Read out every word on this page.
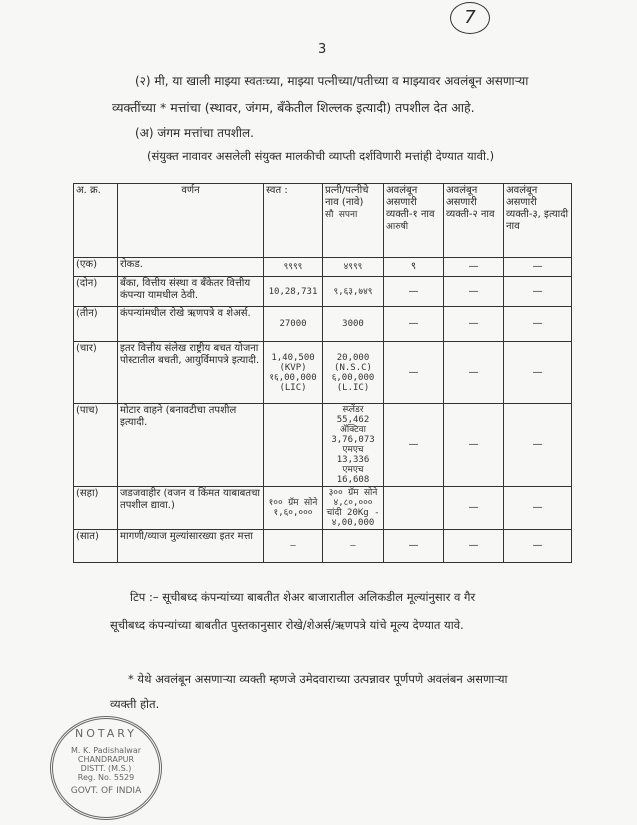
7
3
(२) मी, या खाली माझ्या स्वतःच्या, माझ्या पत्नीच्या/पतीच्या व माझ्यावर अवलंबून असणाऱ्या
व्यक्तींच्या * मत्तांचा (स्थावर, जंगम, बँकेतील शिल्लक इत्यादी) तपशील देत आहे.
(अ) जंगम मत्तांचा तपशील.
(संयुक्त नावावर असलेली संयुक्त मालकीची व्याप्ती दर्शविणारी मत्तांही देण्यात यावी.)
अ. क्र.	वर्णन	स्वत :	प्रत्नी/पत्नीचे नाव (नावे)
सौ सपना	अवलंबून असणारी व्यक्ती-१ नाव आरुषी	अवलंबून असणारी व्यक्ती-२ नाव	अवलंबून असणारी व्यक्ती-३, इत्यादी नाव
(एक)	रोकड.	९९९९	४९९९	९	—	—
(दोन)	बँका, वित्तीय संस्था व बँकेतर वित्तीय कंपन्या यामधील ठेवी.	10,28,731	९,६३,७४९	—	—	—
(तीन)	कंपन्यांमधील रोखे ऋणपत्रे व शेअर्स.	27000	3000	—	—	—
(चार)	इतर वित्तीय संलेख राष्ट्रीय बचत योजना पोस्टातील बचती, आयुर्विमापत्रे इत्यादी.	1,40,500 (KVP)
१६,00,000 (LIC)	20,000 (N.S.C)
६,00,000 (L.IC)	—	—	—
(पाच)	मोटार वाहने (बनावटीचा तपशील इत्यादी.		स्प्लेंडर 55,462
ॲक्टिवा 3,76,073
एमएच 13,336
एमएच 16,608	—	—	—
(सहा)	जडजवाहीर (वजन व किंमत याबाबतचा तपशील द्यावा.)	१०० ग्रॅम सोने
१,६०,०००	३०० ग्रॅम सोने
४,८०,०००
चांदी 20Kg - ४,00,000		—	—
(सात)	मागणी/व्याज मुल्यांसारख्या इतर मत्ता	—	—	—	—	—
टिप :– सूचीबध्द कंपन्यांच्या बाबतीत शेअर बाजारातील अलिकडील मूल्यांनुसार व गैर
सूचीबध्द कंपन्यांच्या बाबतीत पुस्तकानुसार रोखे/शेअर्स/ऋणपत्रे यांचे मूल्य देण्यात यावे.
* येथे अवलंबून असणाऱ्या व्यक्ती म्हणजे उमेदवाराच्या उत्पन्नावर पूर्णपणे अवलंबन असणाऱ्या
व्यक्ती होत.
NOTARY
M. K. Padishalwar
CHANDRAPUR
DISTT. (M.S.)
Reg. No. 5529
GOVT. OF INDIA
